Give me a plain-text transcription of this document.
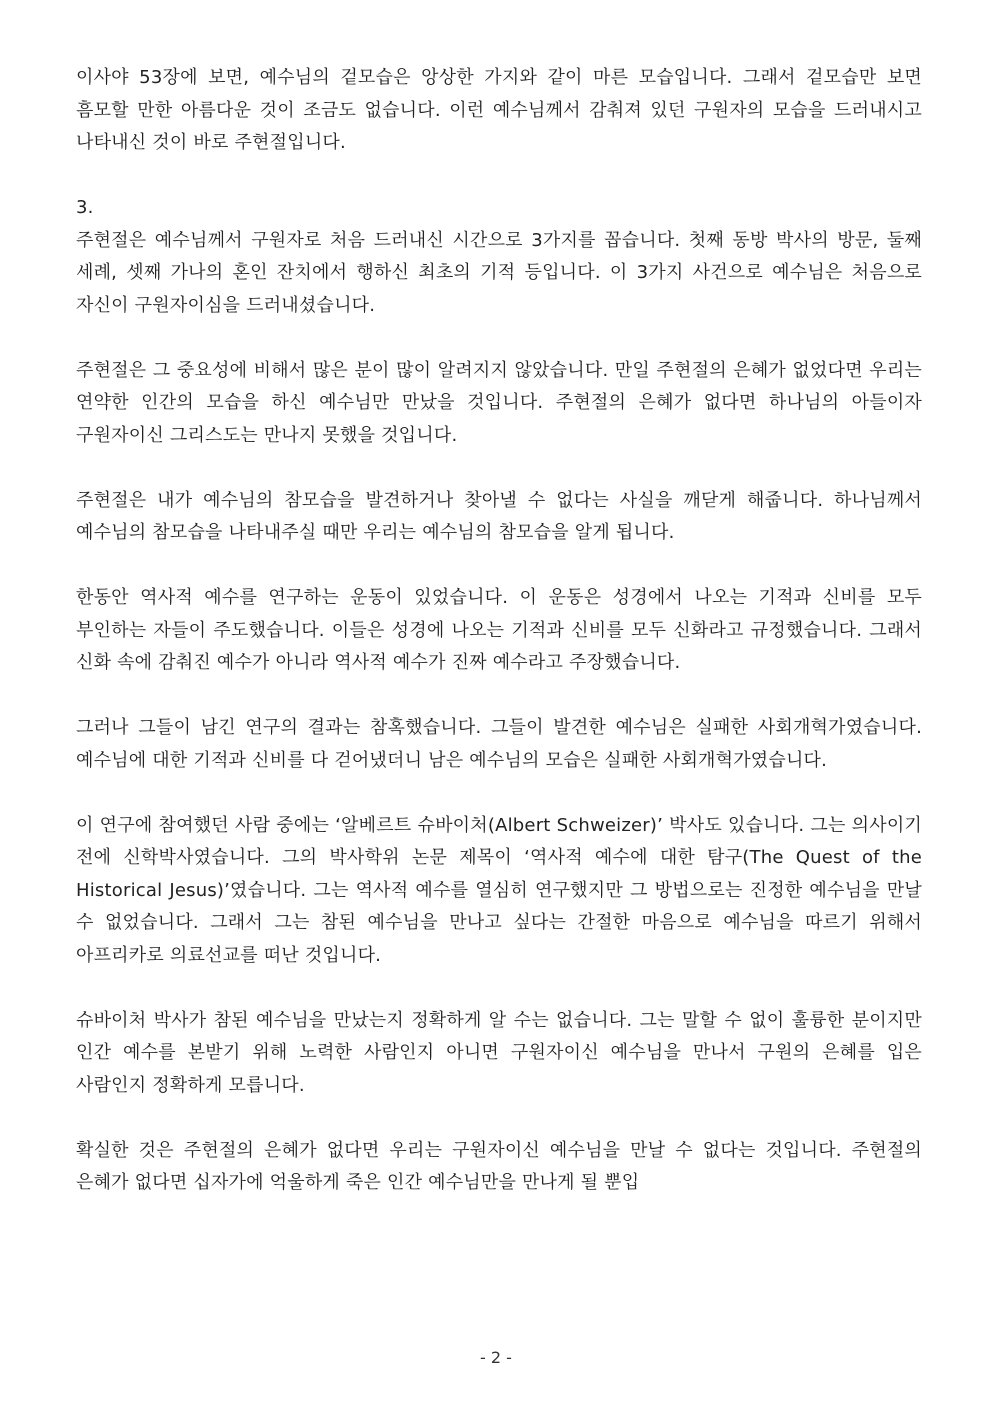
이사야 53장에 보면, 예수님의 겉모습은 앙상한 가지와 같이 마른 모습입니다. 그래서 겉모습만 보면 흠모할 만한 아름다운 것이 조금도 없습니다. 이런 예수님께서 감춰져 있던 구원자의 모습을 드러내시고 나타내신 것이 바로 주현절입니다.

3.

주현절은 예수님께서 구원자로 처음 드러내신 시간으로 3가지를 꼽습니다. 첫째 동방 박사의 방문, 둘째 세례, 셋째 가나의 혼인 잔치에서 행하신 최초의 기적 등입니다. 이 3가지 사건으로 예수님은 처음으로 자신이 구원자이심을 드러내셨습니다.

주현절은 그 중요성에 비해서 많은 분이 많이 알려지지 않았습니다. 만일 주현절의 은혜가 없었다면 우리는 연약한 인간의 모습을 하신 예수님만 만났을 것입니다. 주현절의 은혜가 없다면 하나님의 아들이자 구원자이신 그리스도는 만나지 못했을 것입니다.

주현절은 내가 예수님의 참모습을 발견하거나 찾아낼 수 없다는 사실을 깨닫게 해줍니다. 하나님께서 예수님의 참모습을 나타내주실 때만 우리는 예수님의 참모습을 알게 됩니다.

한동안 역사적 예수를 연구하는 운동이 있었습니다. 이 운동은 성경에서 나오는 기적과 신비를 모두 부인하는 자들이 주도했습니다. 이들은 성경에 나오는 기적과 신비를 모두 신화라고 규정했습니다. 그래서 신화 속에 감춰진 예수가 아니라 역사적 예수가 진짜 예수라고 주장했습니다.

그러나 그들이 남긴 연구의 결과는 참혹했습니다. 그들이 발견한 예수님은 실패한 사회개혁가였습니다. 예수님에 대한 기적과 신비를 다 걷어냈더니 남은 예수님의 모습은 실패한 사회개혁가였습니다.

이 연구에 참여했던 사람 중에는 ‘알베르트 슈바이처(Albert Schweizer)’ 박사도 있습니다. 그는 의사이기 전에 신학박사였습니다. 그의 박사학위 논문 제목이 ‘역사적 예수에 대한 탐구(The Quest of the Historical Jesus)’였습니다. 그는 역사적 예수를 열심히 연구했지만 그 방법으로는 진정한 예수님을 만날 수 없었습니다. 그래서 그는 참된 예수님을 만나고 싶다는 간절한 마음으로 예수님을 따르기 위해서 아프리카로 의료선교를 떠난 것입니다.

슈바이처 박사가 참된 예수님을 만났는지 정확하게 알 수는 없습니다. 그는 말할 수 없이 훌륭한 분이지만 인간 예수를 본받기 위해 노력한 사람인지 아니면 구원자이신 예수님을 만나서 구원의 은혜를 입은 사람인지 정확하게 모릅니다.

확실한 것은 주현절의 은혜가 없다면 우리는 구원자이신 예수님을 만날 수 없다는 것입니다. 주현절의 은혜가 없다면 십자가에 억울하게 죽은 인간 예수님만을 만나게 될 뿐입

- 2 -
